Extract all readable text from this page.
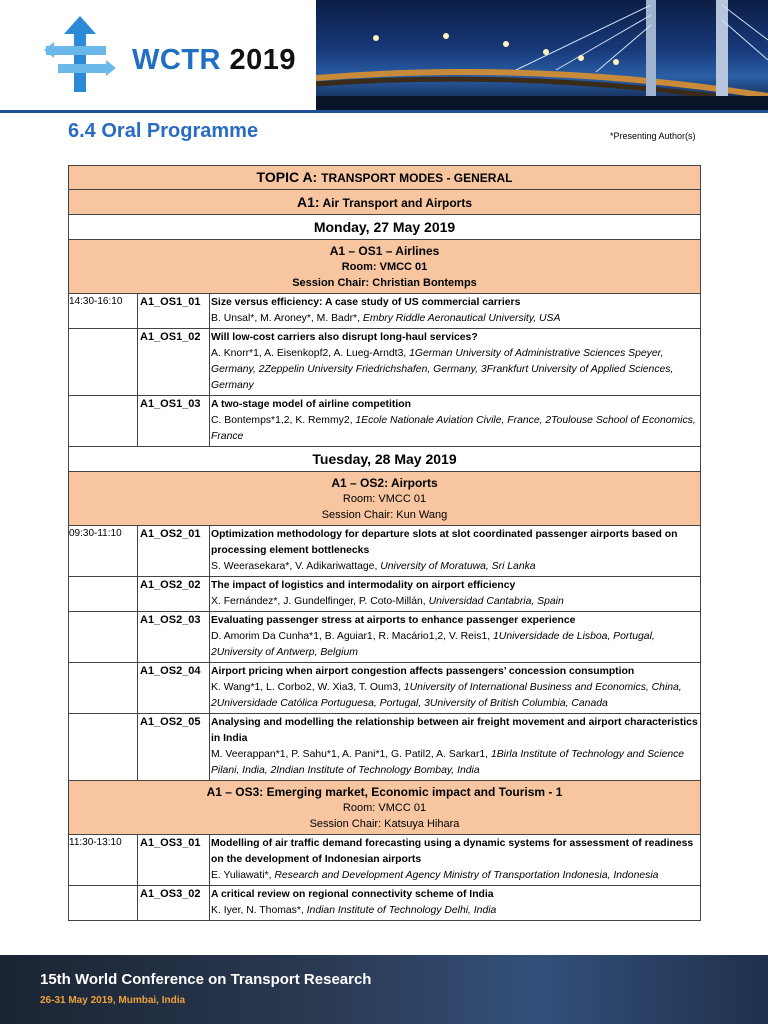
WCTR 2019
6.4 Oral Programme	*Presenting Author(s)
TOPIC A: TRANSPORT MODES - GENERAL
A1: Air Transport and Airports
Monday, 27 May 2019
A1 – OS1 – Airlines
Room: VMCC 01
Session Chair: Christian Bontemps
14:30-16:10	A1_OS1_01	Size versus efficiency: A case study of US commercial carriers
B. Unsal*, M. Aroney*, M. Badr*, Embry Riddle Aeronautical University, USA
A1_OS1_02	Will low-cost carriers also disrupt long-haul services?
A. Knorr*1, A. Eisenkopf2, A. Lueg-Arndt3, 1German University of Administrative Sciences Speyer, Germany, 2Zeppelin University Friedrichshafen, Germany, 3Frankfurt University of Applied Sciences, Germany
A1_OS1_03	A two-stage model of airline competition
C. Bontemps*1,2, K. Remmy2, 1Ecole Nationale Aviation Civile, France, 2Toulouse School of Economics, France
Tuesday, 28 May 2019
A1 – OS2: Airports
Room: VMCC 01
Session Chair: Kun Wang
09:30-11:10	A1_OS2_01	Optimization methodology for departure slots at slot coordinated passenger airports based on processing element bottlenecks
S. Weerasekara*, V. Adikariwattage, University of Moratuwa, Sri Lanka
A1_OS2_02	The impact of logistics and intermodality on airport efficiency
X. Fernández*, J. Gundelfinger, P. Coto-Millán, Universidad Cantabria, Spain
A1_OS2_03	Evaluating passenger stress at airports to enhance passenger experience
D. Amorim Da Cunha*1, B. Aguiar1, R. Macário1,2, V. Reis1, 1Universidade de Lisboa, Portugal, 2University of Antwerp, Belgium
A1_OS2_04	Airport pricing when airport congestion affects passengers’ concession consumption
K. Wang*1, L. Corbo2, W. Xia3, T. Oum3, 1University of International Business and Economics, China, 2Universidade Católica Portuguesa, Portugal, 3University of British Columbia, Canada
A1_OS2_05	Analysing and modelling the relationship between air freight movement and airport characteristics in India
M. Veerappan*1, P. Sahu*1, A. Pani*1, G. Patil2, A. Sarkar1, 1Birla Institute of Technology and Science Pilani, India, 2Indian Institute of Technology Bombay, India
A1 – OS3: Emerging market, Economic impact and Tourism - 1
Room: VMCC 01
Session Chair: Katsuya Hihara
11:30-13:10	A1_OS3_01	Modelling of air traffic demand forecasting using a dynamic systems for assessment of readiness on the development of Indonesian airports
E. Yuliawati*, Research and Development Agency Ministry of Transportation Indonesia, Indonesia
A1_OS3_02	A critical review on regional connectivity scheme of India
K. Iyer, N. Thomas*, Indian Institute of Technology Delhi, India
15th World Conference on Transport Research
26-31 May 2019, Mumbai, India
